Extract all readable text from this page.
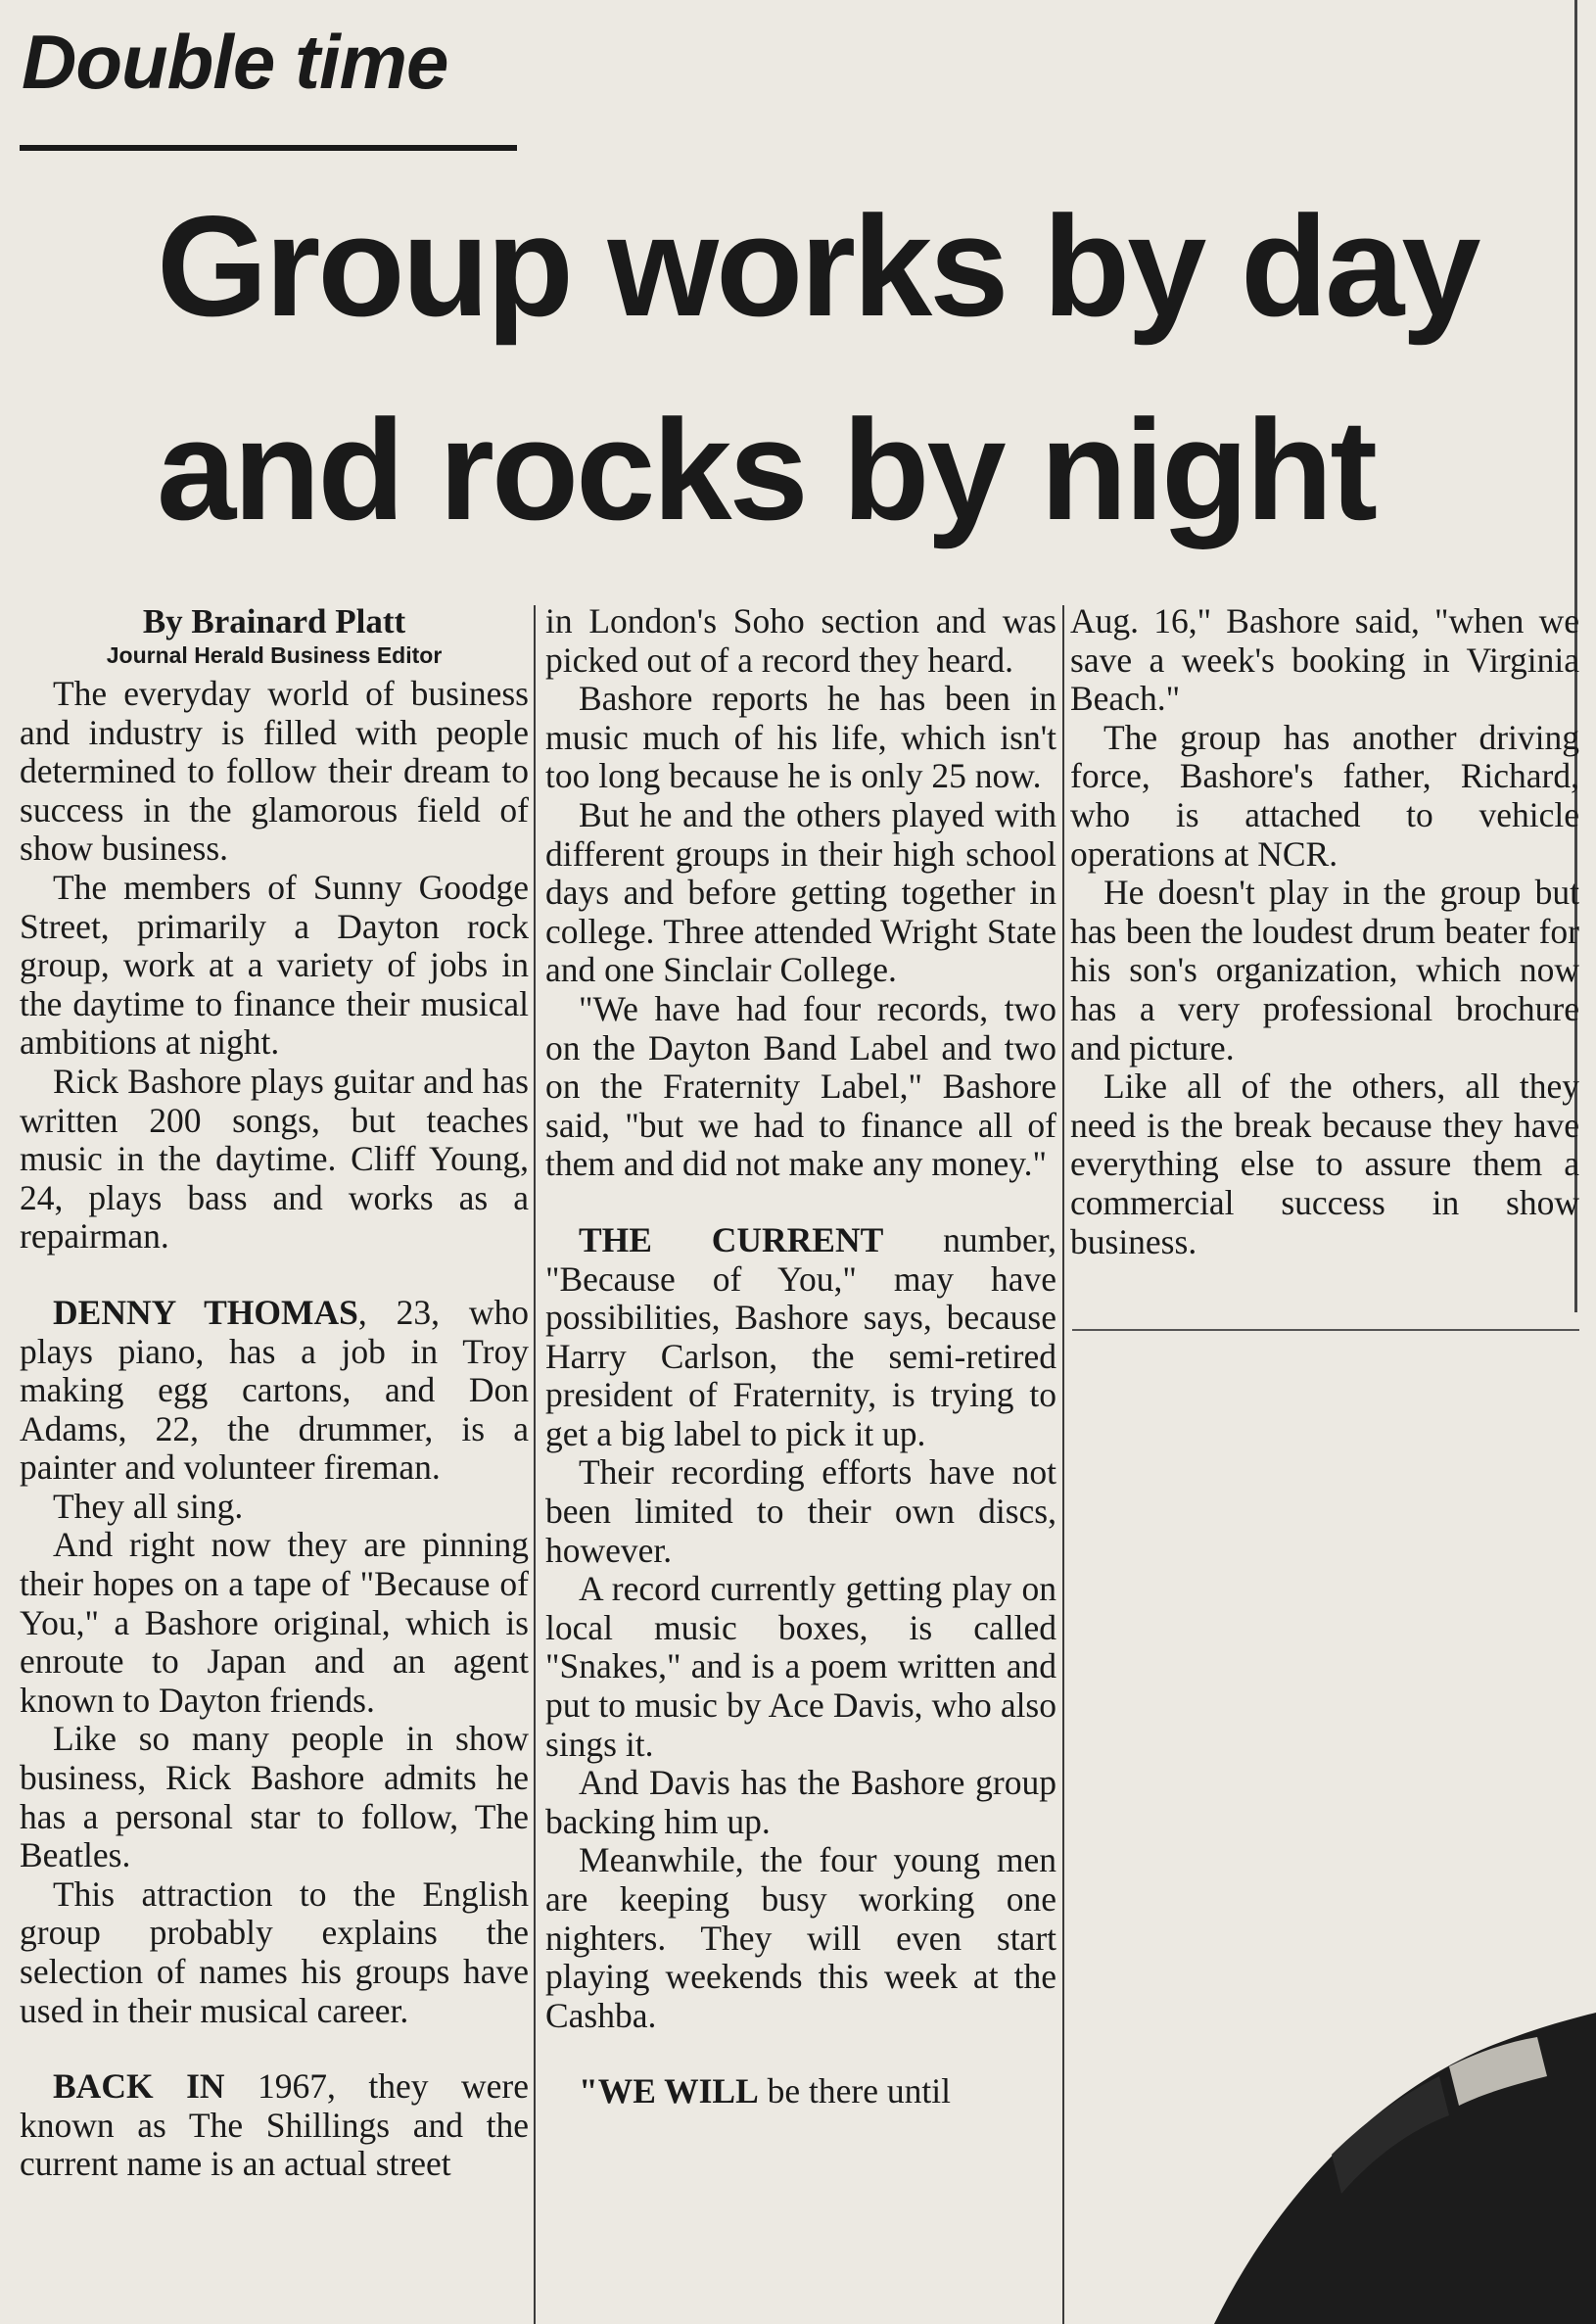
Double time
Group works by day
and rocks by night
By Brainard Platt
Journal Herald Business Editor

The everyday world of business and industry is filled with people determined to follow their dream to success in the glamorous field of show business.

The members of Sunny Goodge Street, primarily a Dayton rock group, work at a variety of jobs in the daytime to finance their musical ambitions at night.

Rick Bashore plays guitar and has written 200 songs, but teaches music in the daytime. Cliff Young, 24, plays bass and works as a repairman.

DENNY THOMAS, 23, who plays piano, has a job in Troy making egg cartons, and Don Adams, 22, the drummer, is a painter and volunteer fireman.

They all sing.

And right now they are pinning their hopes on a tape of "Because of You," a Bashore original, which is enroute to Japan and an agent known to Dayton friends.

Like so many people in show business, Rick Bashore admits he has a personal star to follow, The Beatles.

This attraction to the English group probably explains the selection of names his groups have used in their musical career.

BACK IN 1967, they were known as The Shillings and the current name is an actual street

in London's Soho section and was picked out of a record they heard.

Bashore reports he has been in music much of his life, which isn't too long because he is only 25 now.

But he and the others played with different groups in their high school days and before getting together in college. Three attended Wright State and one Sinclair College.

"We have had four records, two on the Dayton Band Label and two on the Fraternity Label," Bashore said, "but we had to finance all of them and did not make any money."

THE CURRENT number, "Because of You," may have possibilities, Bashore says, because Harry Carlson, the semi-retired president of Fraternity, is trying to get a big label to pick it up.

Their recording efforts have not been limited to their own discs, however.

A record currently getting play on local music boxes, is called "Snakes," and is a poem written and put to music by Ace Davis, who also sings it.

And Davis has the Bashore group backing him up.

Meanwhile, the four young men are keeping busy working one nighters. They will even start playing weekends this week at the Cashba.

"WE WILL be there until

Aug. 16," Bashore said, "when we save a week's booking in Virginia Beach."

The group has another driving force, Bashore's father, Richard, who is attached to vehicle operations at NCR.

He doesn't play in the group but has been the loudest drum beater for his son's organization, which now has a very professional brochure and picture.

Like all of the others, all they need is the break because they have everything else to assure them a commercial success in show business.
